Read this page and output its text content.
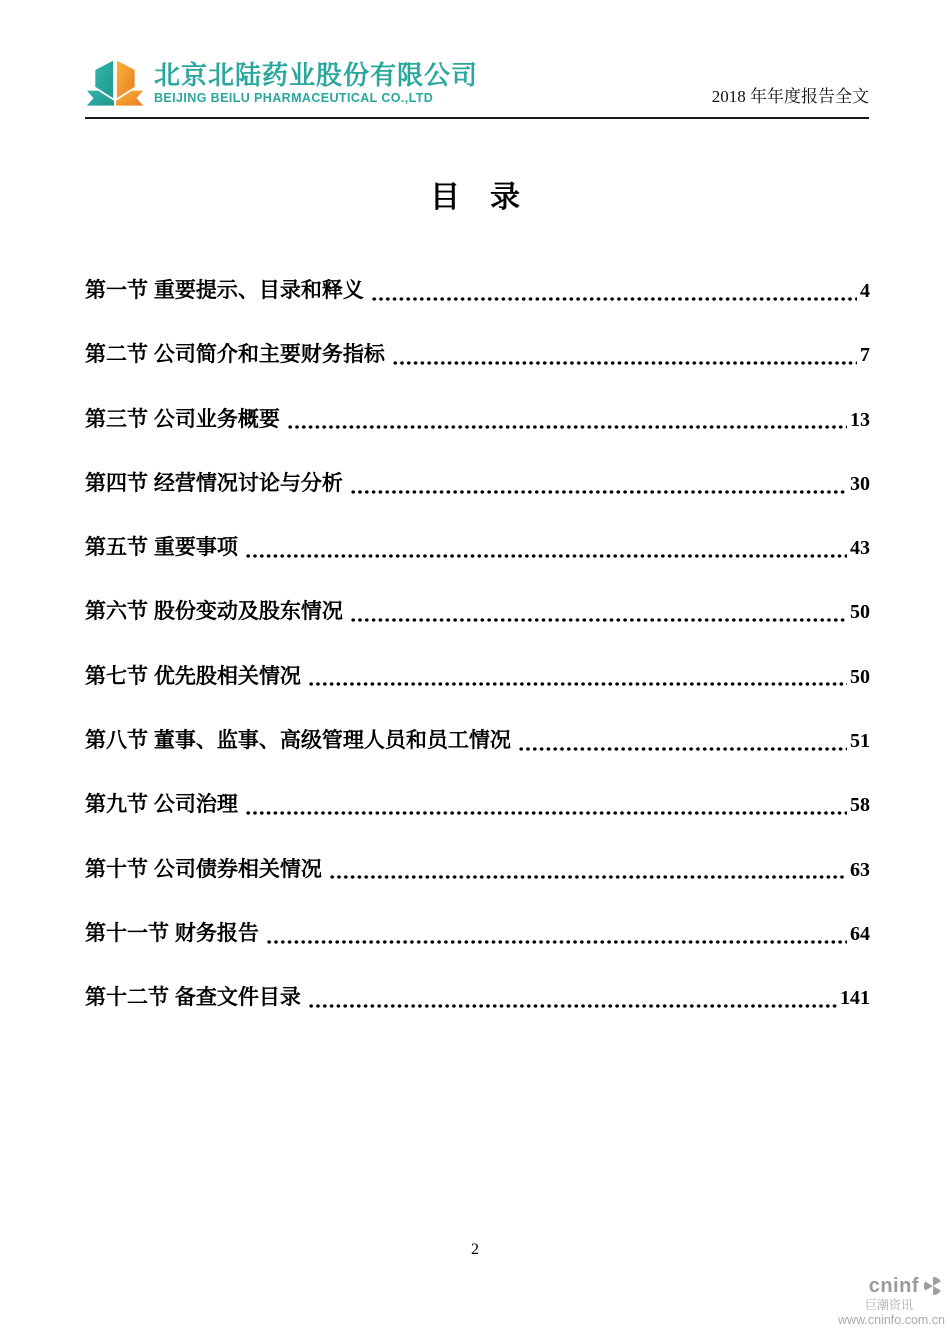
北京北陆药业股份有限公司
BEIJING BEILU PHARMACEUTICAL CO.,LTD	2018 年年度报告全文
目　录
第一节 重要提示、目录和释义	4
第二节 公司简介和主要财务指标	7
第三节 公司业务概要	13
第四节 经营情况讨论与分析	30
第五节 重要事项	43
第六节 股份变动及股东情况	50
第七节 优先股相关情况	50
第八节 董事、监事、高级管理人员和员工情况	51
第九节 公司治理	58
第十节 公司债券相关情况	63
第十一节 财务报告	64
第十二节 备查文件目录	141
2
cninf
巨潮资讯
www.cninfo.com.cn
